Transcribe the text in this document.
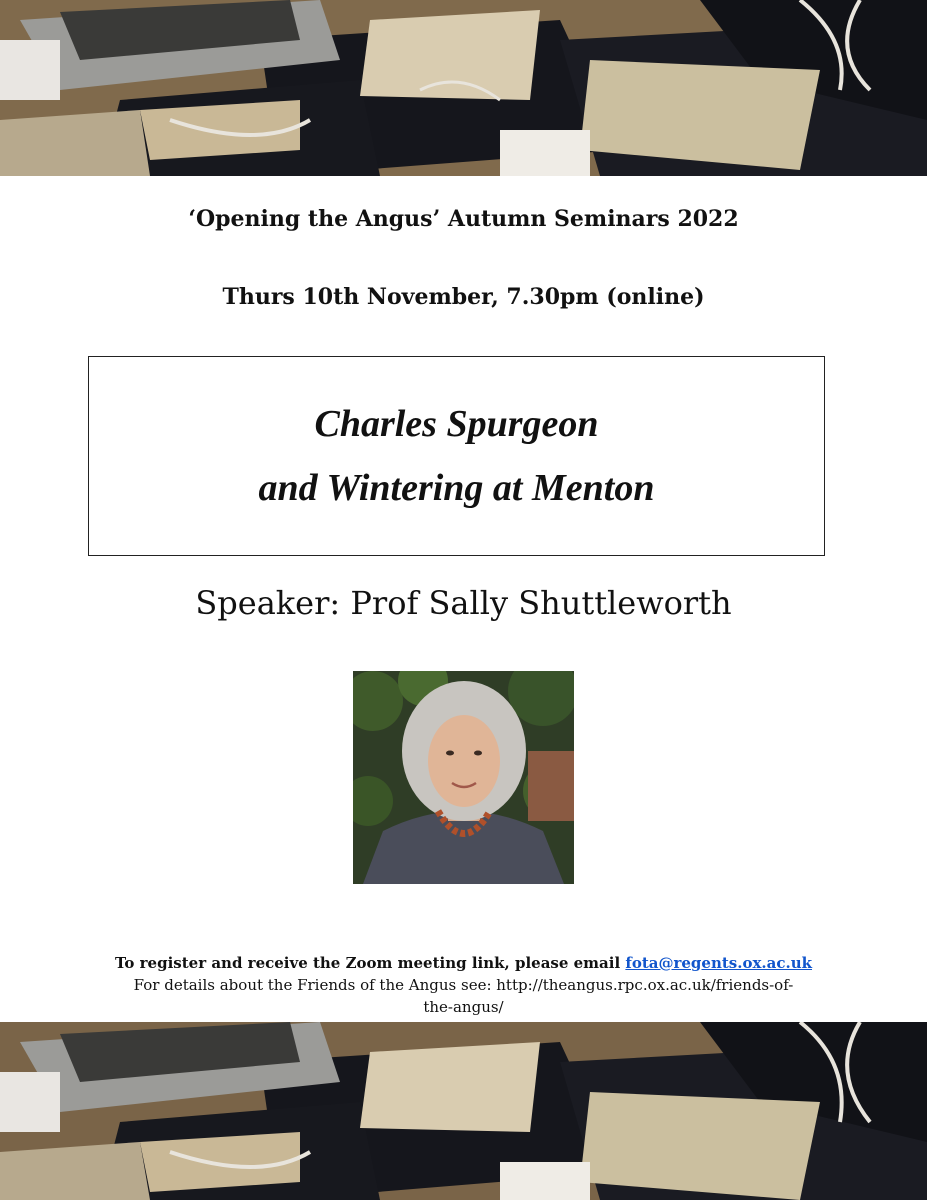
‘Opening the Angus’ Autumn Seminars 2022
Thurs 10th November, 7.30pm (online)
Charles Spurgeon
and Wintering at Menton
Speaker: Prof Sally Shuttleworth
To register and receive the Zoom meeting link, please email fota@regents.ox.ac.uk
For details about the Friends of the Angus see: http://theangus.rpc.ox.ac.uk/friends-of-
the-angus/
